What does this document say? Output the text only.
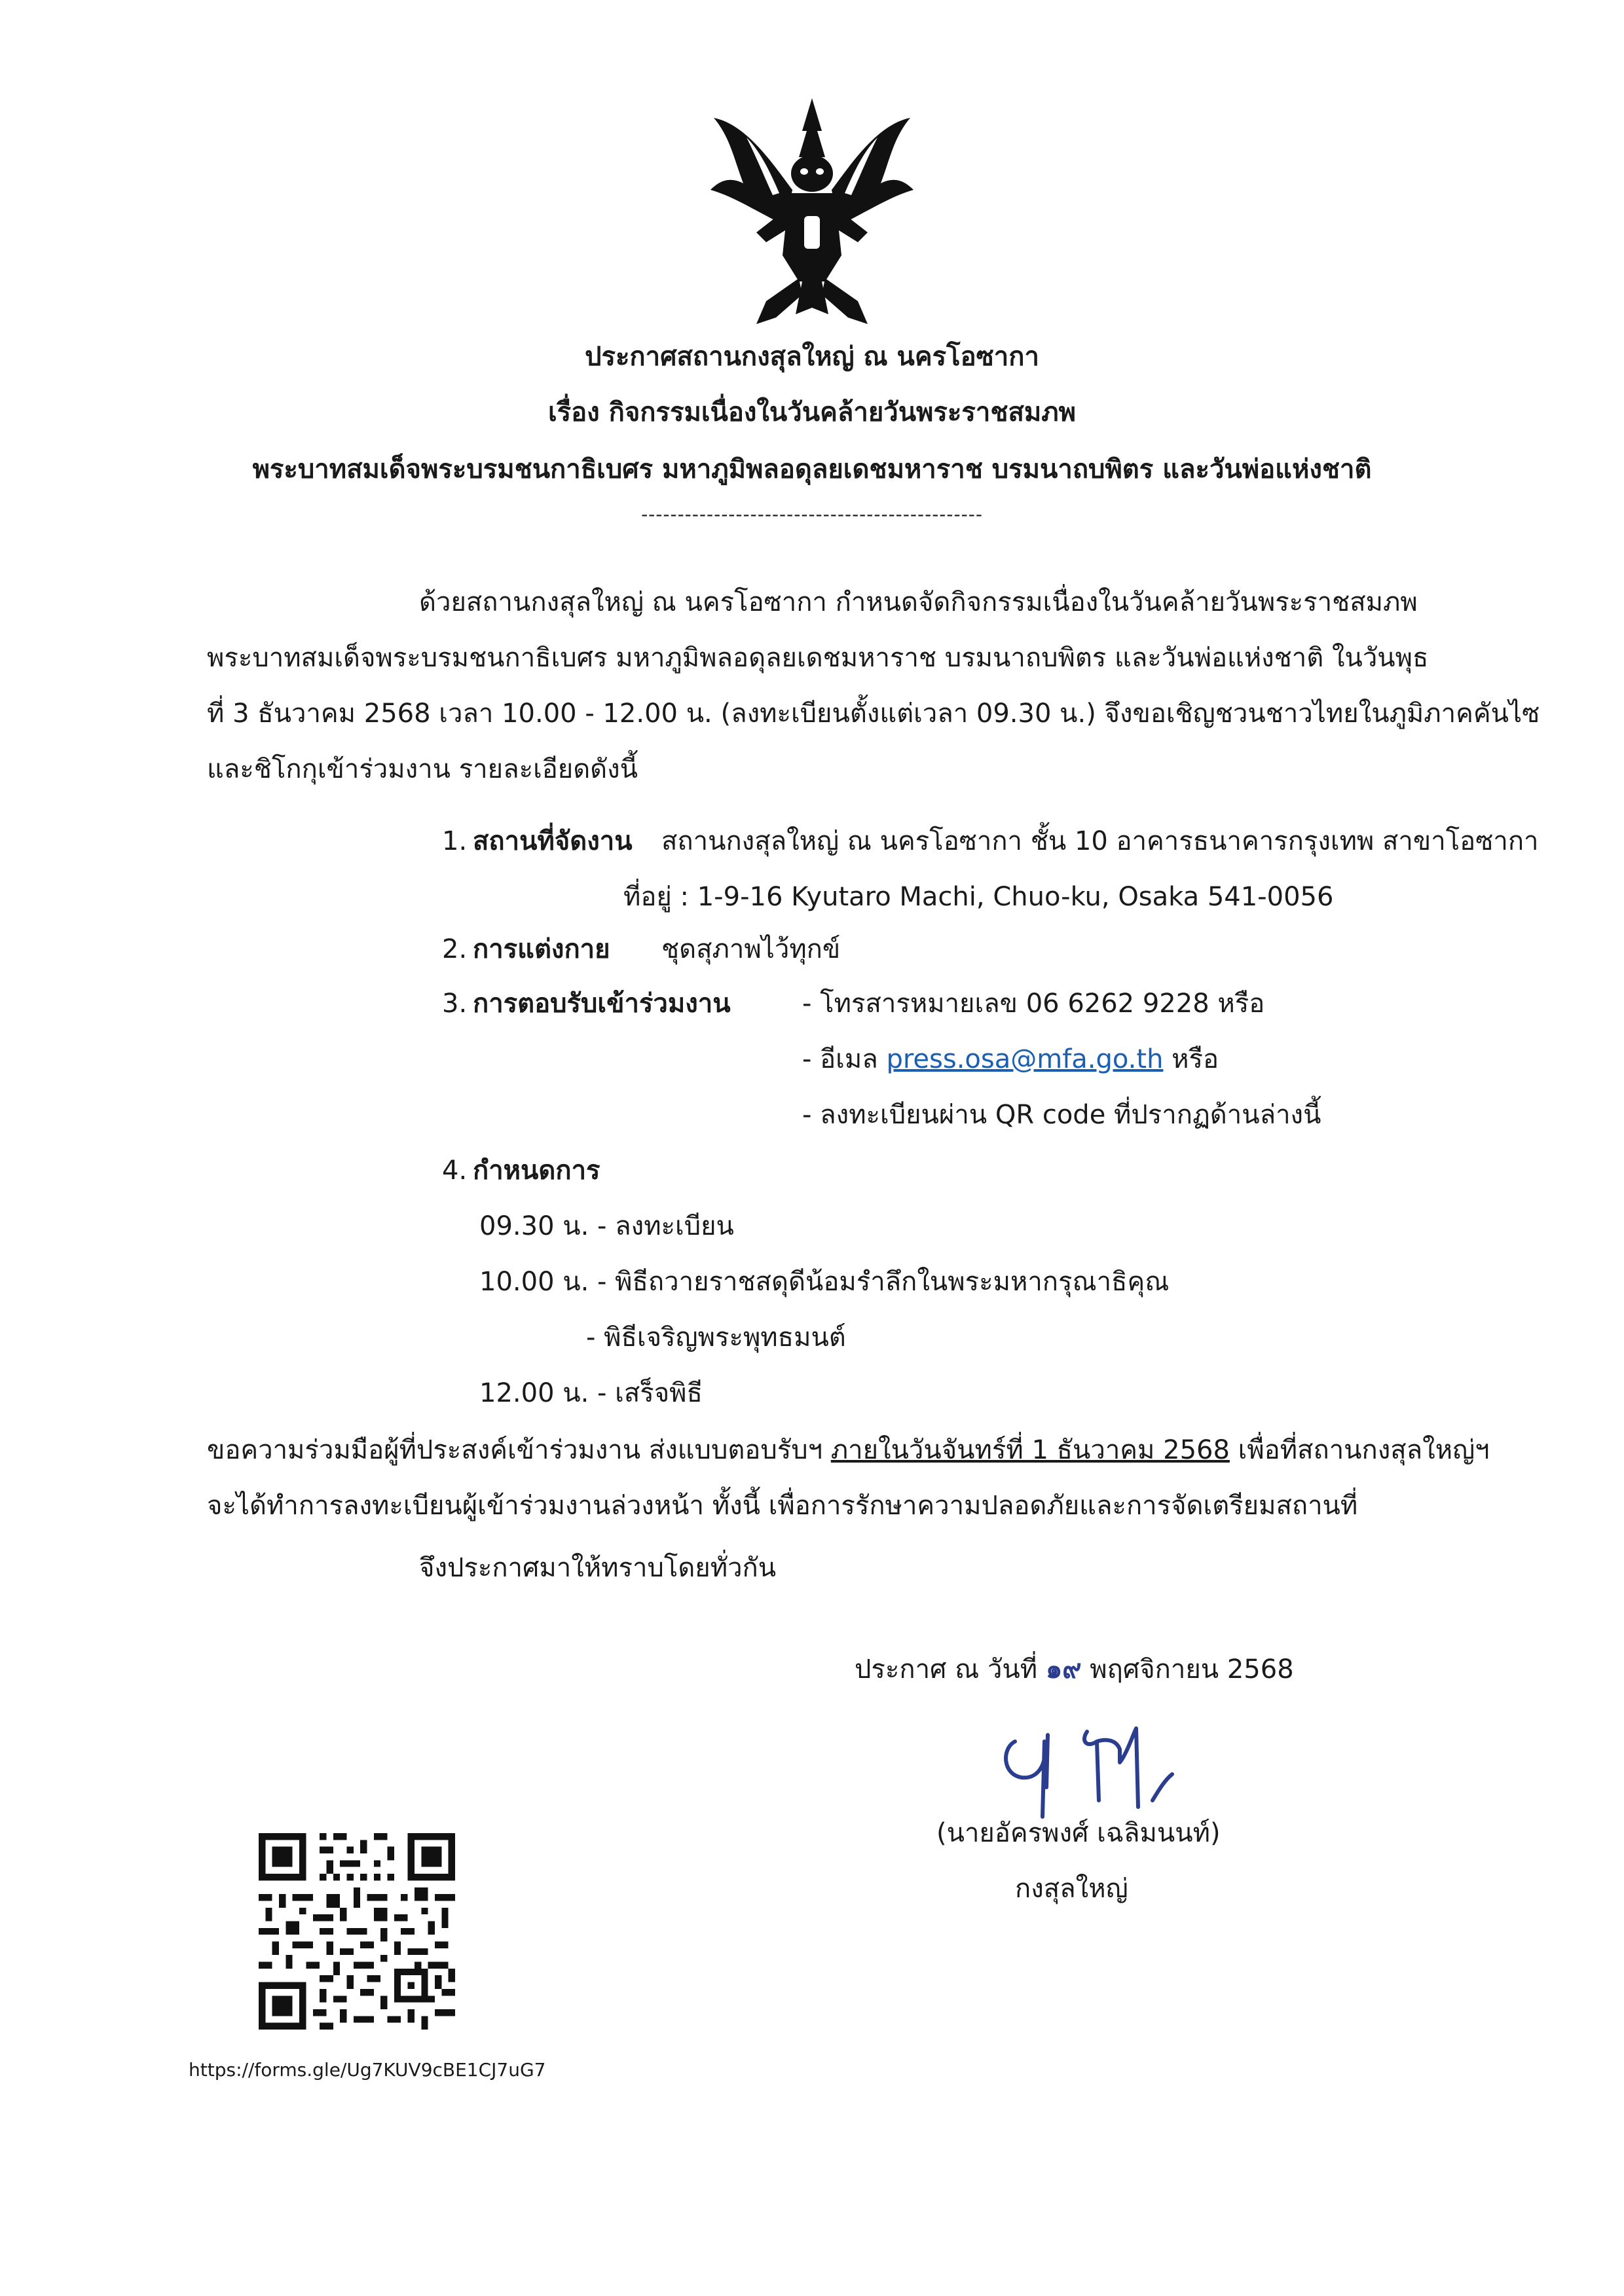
ประกาศสถานกงสุลใหญ่ ณ นครโอซากา
เรื่อง กิจกรรมเนื่องในวันคล้ายวันพระราชสมภพ
พระบาทสมเด็จพระบรมชนกาธิเบศร มหาภูมิพลอดุลยเดชมหาราช บรมนาถบพิตร และวันพ่อแห่งชาติ
-----------------------------------------------
ด้วยสถานกงสุลใหญ่ ณ นครโอซากา กำหนดจัดกิจกรรมเนื่องในวันคล้ายวันพระราชสมภพ
พระบาทสมเด็จพระบรมชนกาธิเบศร มหาภูมิพลอดุลยเดชมหาราช บรมนาถบพิตร และวันพ่อแห่งชาติ ในวันพุธ
ที่ 3 ธันวาคม 2568 เวลา 10.00 - 12.00 น. (ลงทะเบียนตั้งแต่เวลา 09.30 น.) จึงขอเชิญชวนชาวไทยในภูมิภาคคันไซ
และชิโกกุเข้าร่วมงาน รายละเอียดดังนี้
1. สถานที่จัดงาน สถานกงสุลใหญ่ ณ นครโอซากา ชั้น 10 อาคารธนาคารกรุงเทพ สาขาโอซากา
ที่อยู่ : 1-9-16 Kyutaro Machi, Chuo-ku, Osaka 541-0056
2. การแต่งกาย ชุดสุภาพไว้ทุกข์
3. การตอบรับเข้าร่วมงาน	- โทรสารหมายเลข 06 6262 9228 หรือ
- อีเมล press.osa@mfa.go.th หรือ
- ลงทะเบียนผ่าน QR code ที่ปรากฏด้านล่างนี้
4. กำหนดการ
09.30 น. - ลงทะเบียน
10.00 น. - พิธีถวายราชสดุดีน้อมรำลึกในพระมหากรุณาธิคุณ
- พิธีเจริญพระพุทธมนต์
12.00 น. - เสร็จพิธี
ขอความร่วมมือผู้ที่ประสงค์เข้าร่วมงาน ส่งแบบตอบรับฯ ภายในวันจันทร์ที่ 1 ธันวาคม 2568 เพื่อที่สถานกงสุลใหญ่ฯ
จะได้ทำการลงทะเบียนผู้เข้าร่วมงานล่วงหน้า ทั้งนี้ เพื่อการรักษาความปลอดภัยและการจัดเตรียมสถานที่
จึงประกาศมาให้ทราบโดยทั่วกัน
ประกาศ ณ วันที่ ๑๙ พฤศจิกายน 2568
(นายอัครพงศ์ เฉลิมนนท์)
กงสุลใหญ่
https://forms.gle/Ug7KUV9cBE1CJ7uG7
